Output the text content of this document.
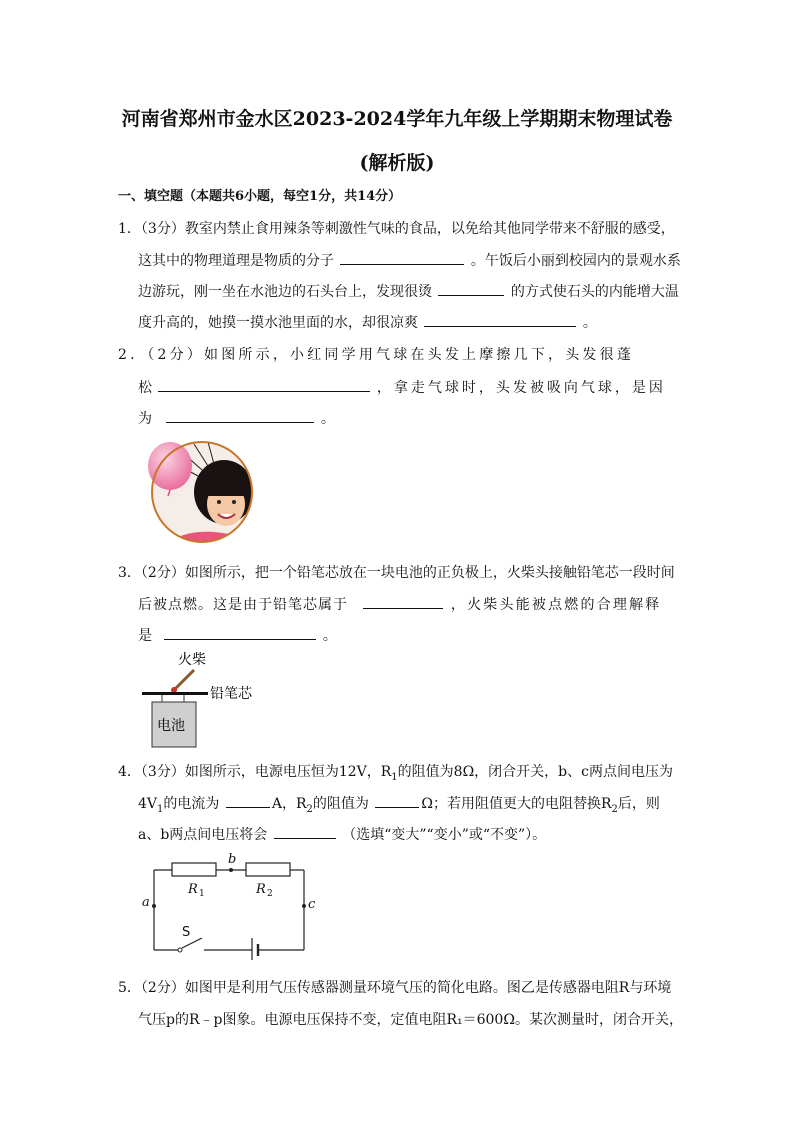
河南省郑州市金水区2023-2024学年九年级上学期期末物理试卷
(解析版)
一、填空题（本题共6小题，每空1分，共14分）
1．（3分）教室内禁止食用辣条等刺激性气味的食品，以免给其他同学带来不舒服的感受，
这其中的物理道理是物质的分子	。午饭后小丽到校园内的景观水系
边游玩，刚一坐在水池边的石头台上，发现很烫	的方式使石头的内能增大温
度升高的，她摸一摸水池里面的水，却很凉爽	。
2．（2分）如图所示，小红同学用气球在头发上摩擦几下，头发很蓬
松	，拿走气球时，头发被吸向气球，是因
为	。
3．（2分）如图所示，把一个铅笔芯放在一块电池的正负极上，火柴头接触铅笔芯一段时间
后被点燃。这是由于铅笔芯属于	，火柴头能被点燃的合理解释
是	。
火柴
铅笔芯
电池
4．（3分）如图所示，电源电压恒为12V，$R_1$的阻值为8Ω，闭合开关，b、c两点间电压为
$4V_1$的电流为	A，$R_2$的阻值为	Ω；若用阻值更大的电阻替换$R_2$后，则
a、b两点间电压将会	（选填“变大”“变小”或“不变”）。
a
b
c
R 1	R 2
S
5．（2分）如图甲是利用气压传感器测量环境气压的简化电路。图乙是传感器电阻R与环境
气压p的R﹣p图象。电源电压保持不变，定值电阻R₁＝600Ω。某次测量时，闭合开关，
